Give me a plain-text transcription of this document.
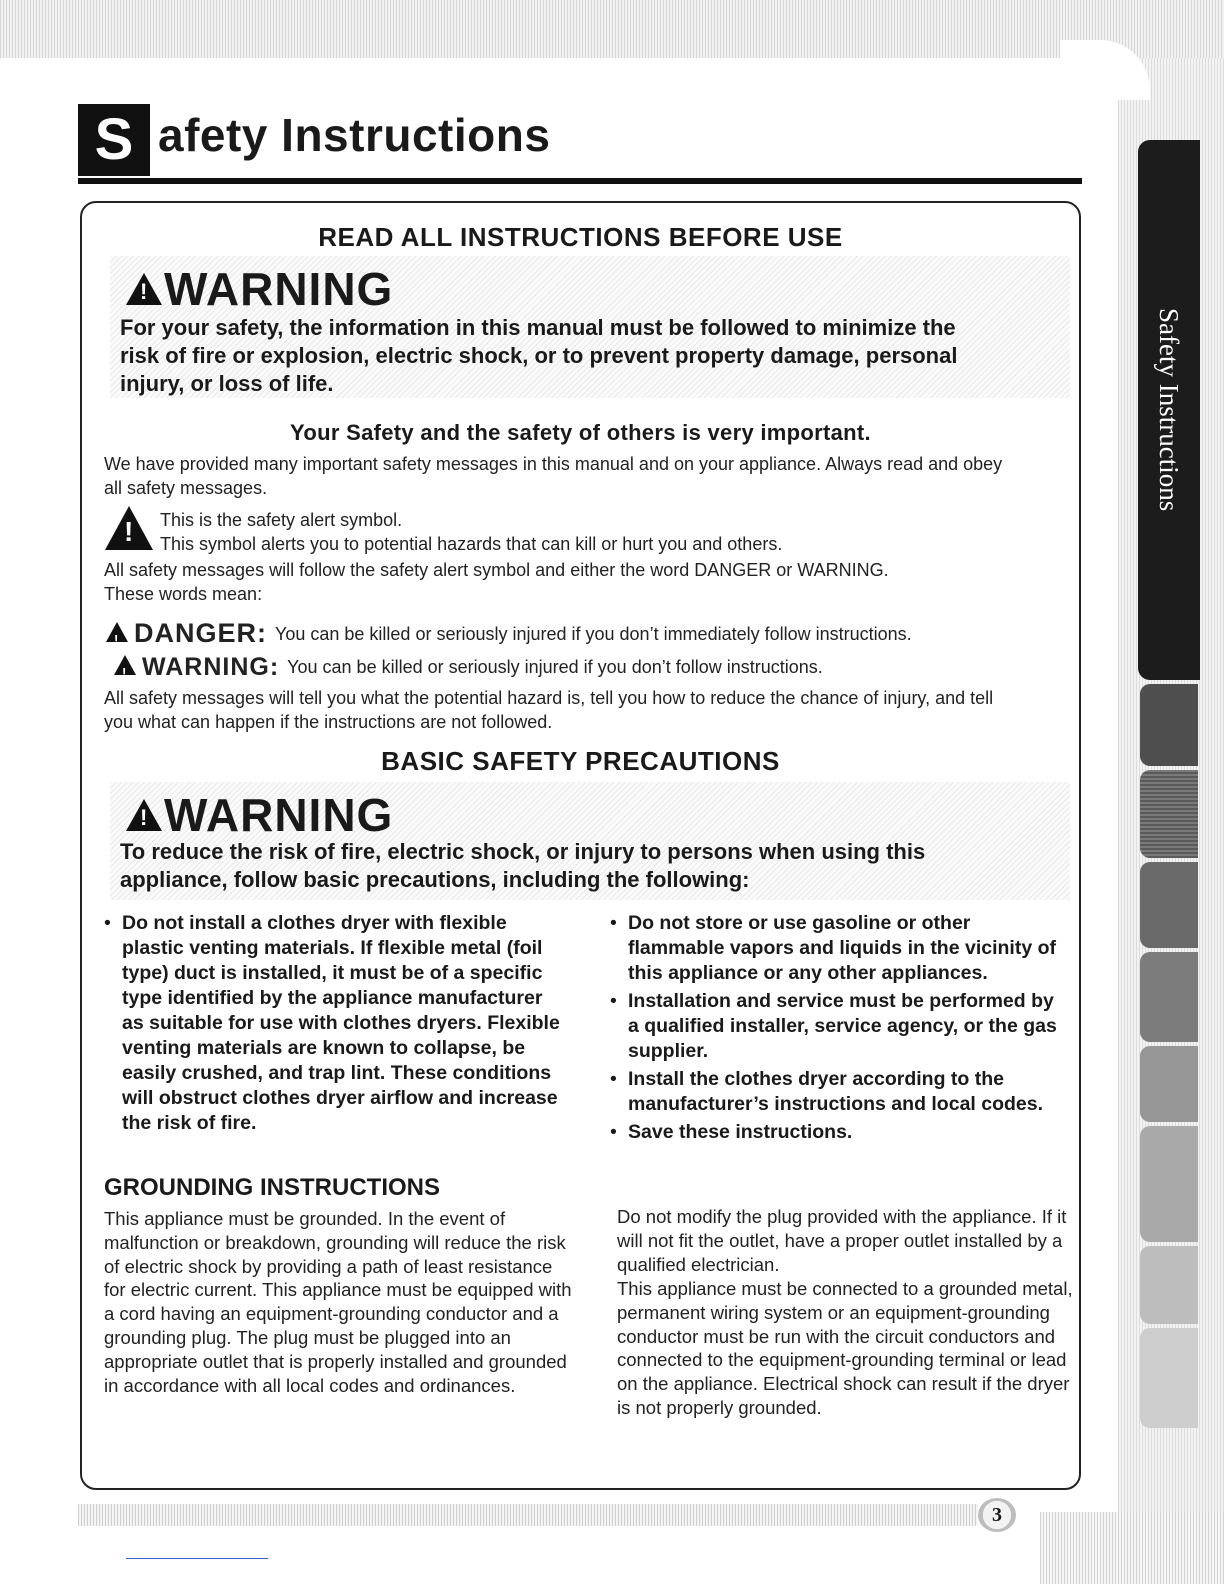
Safety Instructions
S afety Instructions
READ ALL INSTRUCTIONS BEFORE USE
!
WARNING
For your safety, the information in this manual must be followed to minimize the
risk of fire or explosion, electric shock, or to prevent property damage, personal
injury, or loss of life.
Your Safety and the safety of others is very important.
We have provided many important safety messages in this manual and on your appliance. Always read and obey
all safety messages.
!
This is the safety alert symbol.
This symbol alerts you to potential hazards that can kill or hurt you and others.
All safety messages will follow the safety alert symbol and either the word DANGER or WARNING.
These words mean:
!DANGER: You can be killed or seriously injured if you don’t immediately follow instructions.
!WARNING: You can be killed or seriously injured if you don’t follow instructions.
All safety messages will tell you what the potential hazard is, tell you how to reduce the chance of injury, and tell
you what can happen if the instructions are not followed.
BASIC SAFETY PRECAUTIONS
!
WARNING
To reduce the risk of fire, electric shock, or injury to persons when using this
appliance, follow basic precautions, including the following:
• Do not install a clothes dryer with flexible plastic venting materials. If flexible metal (foil type) duct is installed, it must be of a specific type identified by the appliance manufacturer as suitable for use with clothes dryers. Flexible venting materials are known to collapse, be easily crushed, and trap lint. These conditions will obstruct clothes dryer airflow and increase the risk of fire.
• Do not store or use gasoline or other flammable vapors and liquids in the vicinity of this appliance or any other appliances.
• Installation and service must be performed by a qualified installer, service agency, or the gas supplier.
• Install the clothes dryer according to the manufacturer’s instructions and local codes.
• Save these instructions.
GROUNDING INSTRUCTIONS
This appliance must be grounded. In the event of malfunction or breakdown, grounding will reduce the risk of electric shock by providing a path of least resistance for electric current. This appliance must be equipped with a cord having an equipment-grounding conductor and a grounding plug. The plug must be plugged into an appropriate outlet that is properly installed and grounded in accordance with all local codes and ordinances.
Do not modify the plug provided with the appliance. If it will not fit the outlet, have a proper outlet installed by a qualified electrician.
This appliance must be connected to a grounded metal, permanent wiring system or an equipment-grounding conductor must be run with the circuit conductors and connected to the equipment-grounding terminal or lead on the appliance. Electrical shock can result if the dryer is not properly grounded.
3
